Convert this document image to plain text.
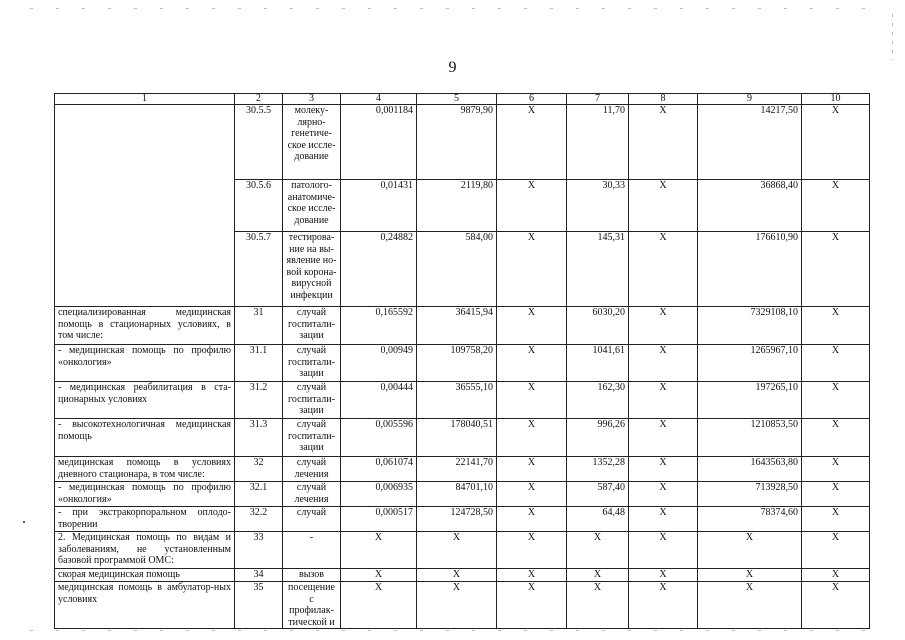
9
1	2	3	4	5	6	7	8	9	10
	30.5.5	молеку-лярно-генетиче-ское иссле-дование	0,001184	9879,90	Х	11,70	Х	14217,50	Х
	30.5.6	патолого-анатомиче-ское иссле-дование	0,01431	2119,80	Х	30,33	Х	36868,40	Х
	30.5.7	тестирова-ние на вы-явление но-вой корона-вирусной инфекции	0,24882	584,00	Х	145,31	Х	176610,90	Х
специализированная медицинская помощь в стационарных условиях, в том числе:	31	случай госпитали-зации	0,165592	36415,94	Х	6030,20	Х	7329108,10	Х
- медицинская помощь по профилю «онкология»	31.1	случай госпитали-зации	0,00949	109758,20	Х	1041,61	Х	1265967,10	Х
- медицинская реабилитация в ста-ционарных условиях	31.2	случай госпитали-зации	0,00444	36555,10	Х	162,30	Х	197265,10	Х
- высокотехнологичная медицинская помощь	31.3	случай госпитали-зации	0,005596	178040,51	Х	996,26	Х	1210853,50	Х
медицинская помощь в условиях дневного стационара, в том числе:	32	случай лечения	0,061074	22141,70	Х	1352,28	Х	1643563,80	Х
- медицинская помощь по профилю «онкология»	32.1	случай лечения	0,006935	84701,10	Х	587,40	Х	713928,50	Х
- при экстракорпоральном оплодо-творении	32.2	случай	0,000517	124728,50	Х	64,48	Х	78374,60	Х
2. Медицинская помощь по видам и заболеваниям, не установленным базовой программой ОМС:	33	-	Х	Х	Х	Х	Х	Х	Х
скорая медицинская помощь	34	вызов	Х	Х	Х	Х	Х	Х	Х
медицинская помощь в амбулатор-ных условиях	35	посещение с профилак-тической и	Х	Х	Х	Х	Х	Х	Х
